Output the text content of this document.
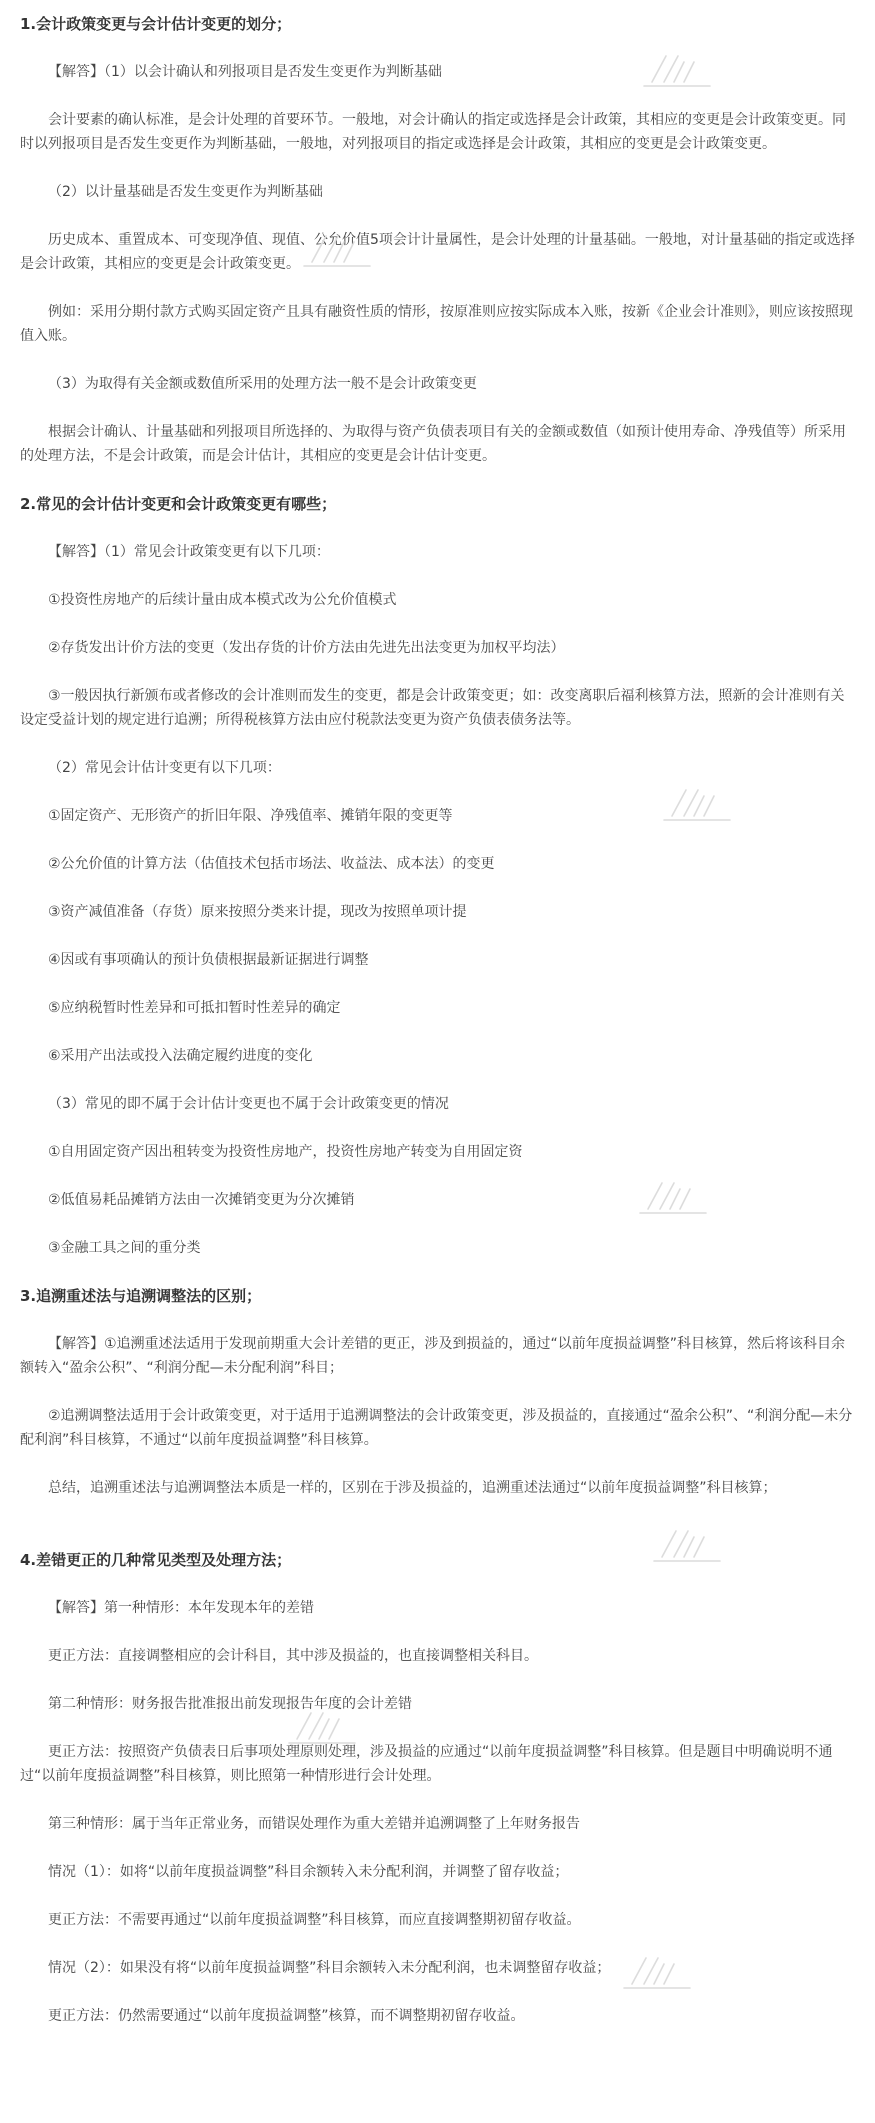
1.会计政策变更与会计估计变更的划分；

【解答】（1）以会计确认和列报项目是否发生变更作为判断基础

会计要素的确认标准，是会计处理的首要环节。一般地，对会计确认的指定或选择是会计政策，其相应的变更是会计政策变更。同时以列报项目是否发生变更作为判断基础，一般地，对列报项目的指定或选择是会计政策，其相应的变更是会计政策变更。

（2）以计量基础是否发生变更作为判断基础

历史成本、重置成本、可变现净值、现值、公允价值5项会计计量属性，是会计处理的计量基础。一般地，对计量基础的指定或选择是会计政策，其相应的变更是会计政策变更。

例如：采用分期付款方式购买固定资产且具有融资性质的情形，按原准则应按实际成本入账，按新《企业会计准则》，则应该按照现值入账。

（3）为取得有关金额或数值所采用的处理方法一般不是会计政策变更

根据会计确认、计量基础和列报项目所选择的、为取得与资产负债表项目有关的金额或数值（如预计使用寿命、净残值等）所采用的处理方法，不是会计政策，而是会计估计，其相应的变更是会计估计变更。

2.常见的会计估计变更和会计政策变更有哪些；

【解答】（1）常见会计政策变更有以下几项：

①投资性房地产的后续计量由成本模式改为公允价值模式

②存货发出计价方法的变更（发出存货的计价方法由先进先出法变更为加权平均法）

③一般因执行新颁布或者修改的会计准则而发生的变更，都是会计政策变更；如：改变离职后福利核算方法，照新的会计准则有关设定受益计划的规定进行追溯；所得税核算方法由应付税款法变更为资产负债表债务法等。

（2）常见会计估计变更有以下几项：

①固定资产、无形资产的折旧年限、净残值率、摊销年限的变更等

②公允价值的计算方法（估值技术包括市场法、收益法、成本法）的变更

③资产减值准备（存货）原来按照分类来计提，现改为按照单项计提

④因或有事项确认的预计负债根据最新证据进行调整

⑤应纳税暂时性差异和可抵扣暂时性差异的确定

⑥采用产出法或投入法确定履约进度的变化

（3）常见的即不属于会计估计变更也不属于会计政策变更的情况

①自用固定资产因出租转变为投资性房地产，投资性房地产转变为自用固定资

②低值易耗品摊销方法由一次摊销变更为分次摊销

③金融工具之间的重分类

3.追溯重述法与追溯调整法的区别；

【解答】①追溯重述法适用于发现前期重大会计差错的更正，涉及到损益的，通过“以前年度损益调整”科目核算，然后将该科目余额转入“盈余公积”、“利润分配—未分配利润”科目；

②追溯调整法适用于会计政策变更，对于适用于追溯调整法的会计政策变更，涉及损益的，直接通过“盈余公积”、“利润分配—未分配利润”科目核算，不通过“以前年度损益调整”科目核算。

总结，追溯重述法与追溯调整法本质是一样的，区别在于涉及损益的，追溯重述法通过“以前年度损益调整”科目核算；

4.差错更正的几种常见类型及处理方法；

【解答】第一种情形：本年发现本年的差错

更正方法：直接调整相应的会计科目，其中涉及损益的，也直接调整相关科目。

第二种情形：财务报告批准报出前发现报告年度的会计差错

更正方法：按照资产负债表日后事项处理原则处理，涉及损益的应通过“以前年度损益调整”科目核算。但是题目中明确说明不通过“以前年度损益调整”科目核算，则比照第一种情形进行会计处理。

第三种情形：属于当年正常业务，而错误处理作为重大差错并追溯调整了上年财务报告

情况（1）：如将“以前年度损益调整”科目余额转入未分配利润，并调整了留存收益；

更正方法：不需要再通过“以前年度损益调整”科目核算，而应直接调整期初留存收益。

情况（2）：如果没有将“以前年度损益调整”科目余额转入未分配利润，也未调整留存收益；

更正方法：仍然需要通过“以前年度损益调整”核算，而不调整期初留存收益。
